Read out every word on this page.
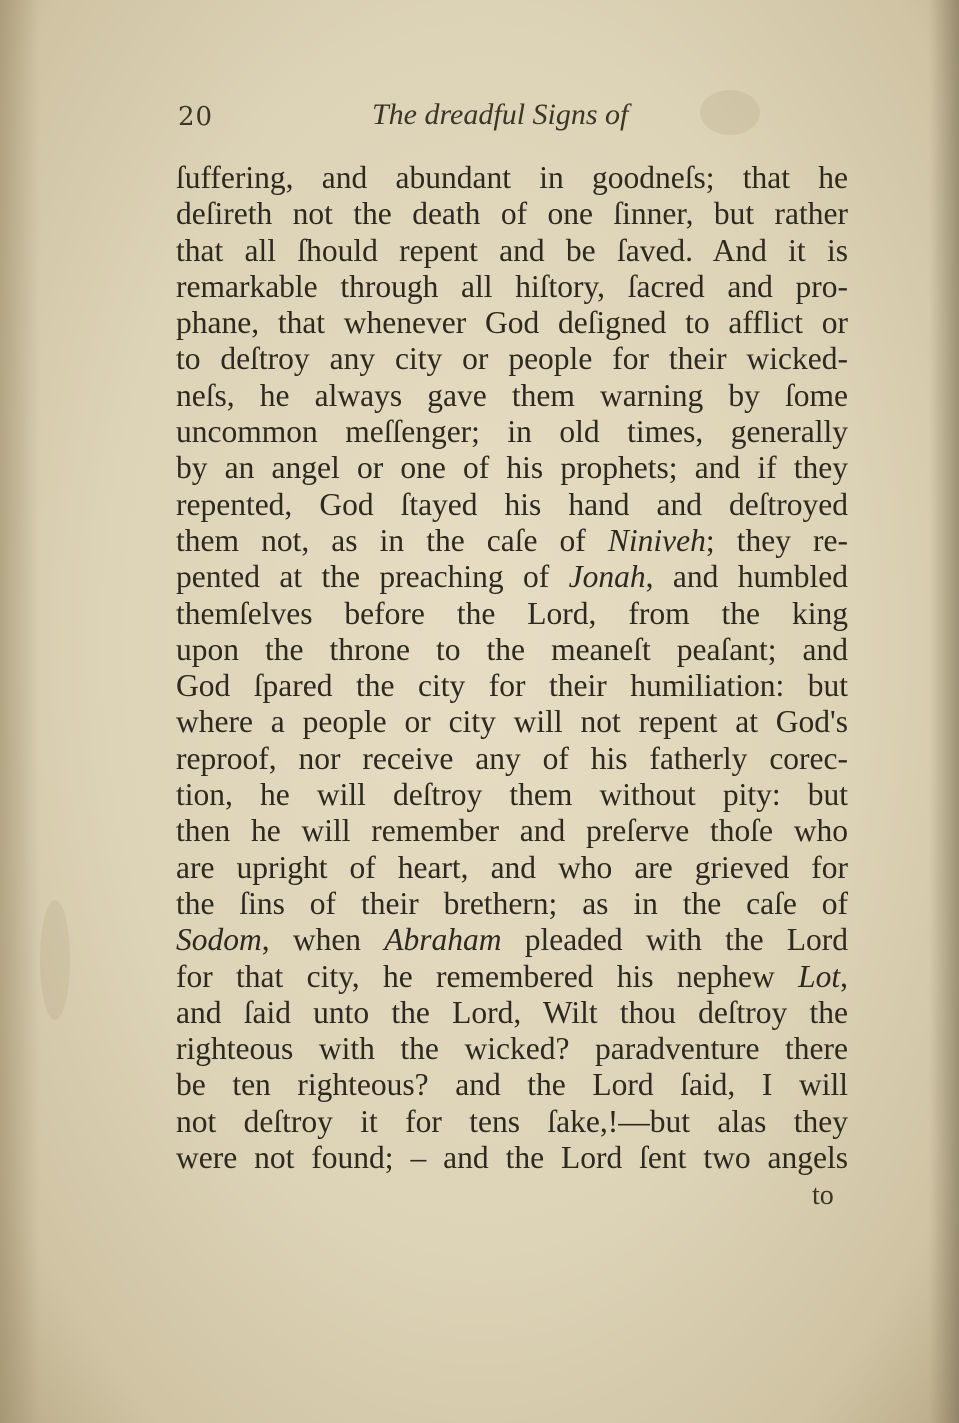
20	The dreadful Signs of
ſuffering, and abundant in goodneſs; that he
deſireth not the death of one ſinner, but rather
that all ſhould repent and be ſaved. And it is
remarkable through all hiſtory, ſacred and pro-
phane, that whenever God deſigned to afflict or
to deſtroy any city or people for their wicked-
neſs, he always gave them warning by ſome
uncommon meſſenger; in old times, generally
by an angel or one of his prophets; and if they
repented, God ſtayed his hand and deſtroyed
them not, as in the caſe of Niniveh; they re-
pented at the preaching of Jonah, and humbled
themſelves before the Lord, from the king
upon the throne to the meaneſt peaſant; and
God ſpared the city for their humiliation: but
where a people or city will not repent at God's
reproof, nor receive any of his fatherly corec-
tion, he will deſtroy them without pity: but
then he will remember and preſerve thoſe who
are upright of heart, and who are grieved for
the ſins of their brethern; as in the caſe of
Sodom, when Abraham pleaded with the Lord
for that city, he remembered his nephew Lot,
and ſaid unto the Lord, Wilt thou deſtroy the
righteous with the wicked? paradventure there
be ten righteous? and the Lord ſaid, I will
not deſtroy it for tens ſake,!—but alas they
were not found; – and the Lord ſent two angels
to
